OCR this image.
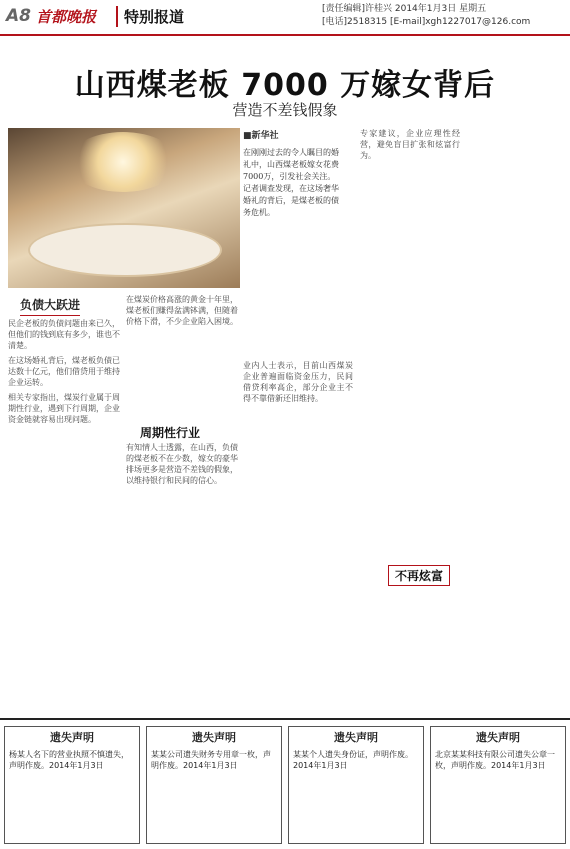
A8 首都晚报	特别报道	[责任编辑]许桂兴 2014年1月3日 星期五
[电话]2518315 [E-mail]xgh1227017@126.com
山西煤老板 7000 万嫁女背后
营造不差钱假象
负债大跃进
■新华社
在刚刚过去的令人瞩目的婚礼中，山西煤老板嫁女花费7000万，引发社会关注。记者调查发现，在这场奢华婚礼的背后，是煤老板的债务危机。

民企老板的负债问题由来已久，但他们的钱到底有多少，谁也不清楚。

在这场婚礼背后，煤老板负债已达数十亿元，他们借贷用于维持企业运转。

相关专家指出，煤炭行业属于周期性行业，遇到下行周期，企业资金链就容易出现问题。

在煤炭价格高涨的黄金十年里，煤老板们赚得盆满钵满，但随着价格下滑，不少企业陷入困境。

周期性行业

有知情人士透露，在山西，负债的煤老板不在少数，嫁女的豪华排场更多是营造不差钱的假象，以维持银行和民间的信心。

业内人士表示，目前山西煤炭企业普遍面临资金压力，民间借贷利率高企，部分企业主不得不靠借新还旧维持。

专家建议，企业应理性经营，避免盲目扩张和炫富行为。

不再炫富
遗失声明
杨某人名下的营业执照不慎遗失，声明作废。2014年1月3日
遗失声明
某某公司遗失财务专用章一枚，声明作废。2014年1月3日
遗失声明
某某个人遗失身份证，声明作废。2014年1月3日
遗失声明
北京某某科技有限公司遗失公章一枚，声明作废。2014年1月3日
